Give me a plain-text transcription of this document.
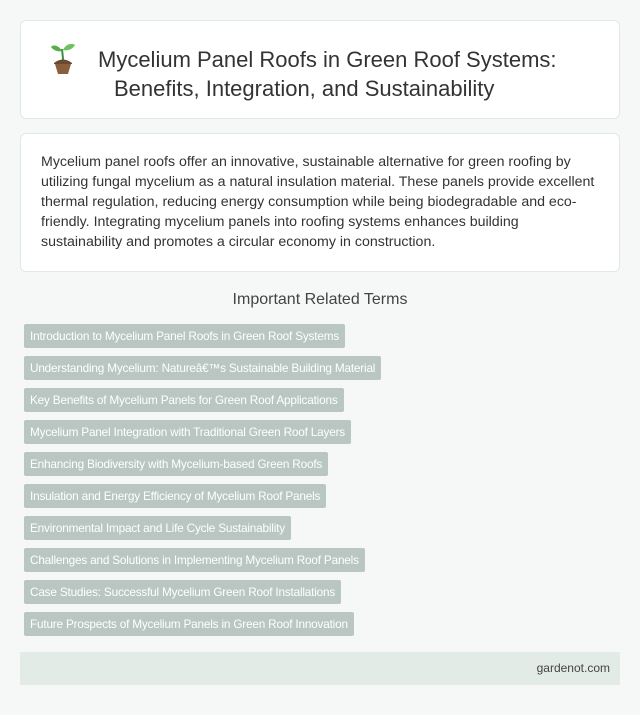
Mycelium Panel Roofs in Green Roof Systems:
Benefits, Integration, and Sustainability

Mycelium panel roofs offer an innovative, sustainable alternative for green roofing by utilizing fungal mycelium as a natural insulation material. These panels provide excellent thermal regulation, reducing energy consumption while being biodegradable and eco-friendly. Integrating mycelium panels into roofing systems enhances building sustainability and promotes a circular economy in construction.

Important Related Terms
Introduction to Mycelium Panel Roofs in Green Roof Systems
Understanding Mycelium: Natureâ€™s Sustainable Building Material
Key Benefits of Mycelium Panels for Green Roof Applications
Mycelium Panel Integration with Traditional Green Roof Layers
Enhancing Biodiversity with Mycelium-based Green Roofs
Insulation and Energy Efficiency of Mycelium Roof Panels
Environmental Impact and Life Cycle Sustainability
Challenges and Solutions in Implementing Mycelium Roof Panels
Case Studies: Successful Mycelium Green Roof Installations
Future Prospects of Mycelium Panels in Green Roof Innovation
gardenot.com
